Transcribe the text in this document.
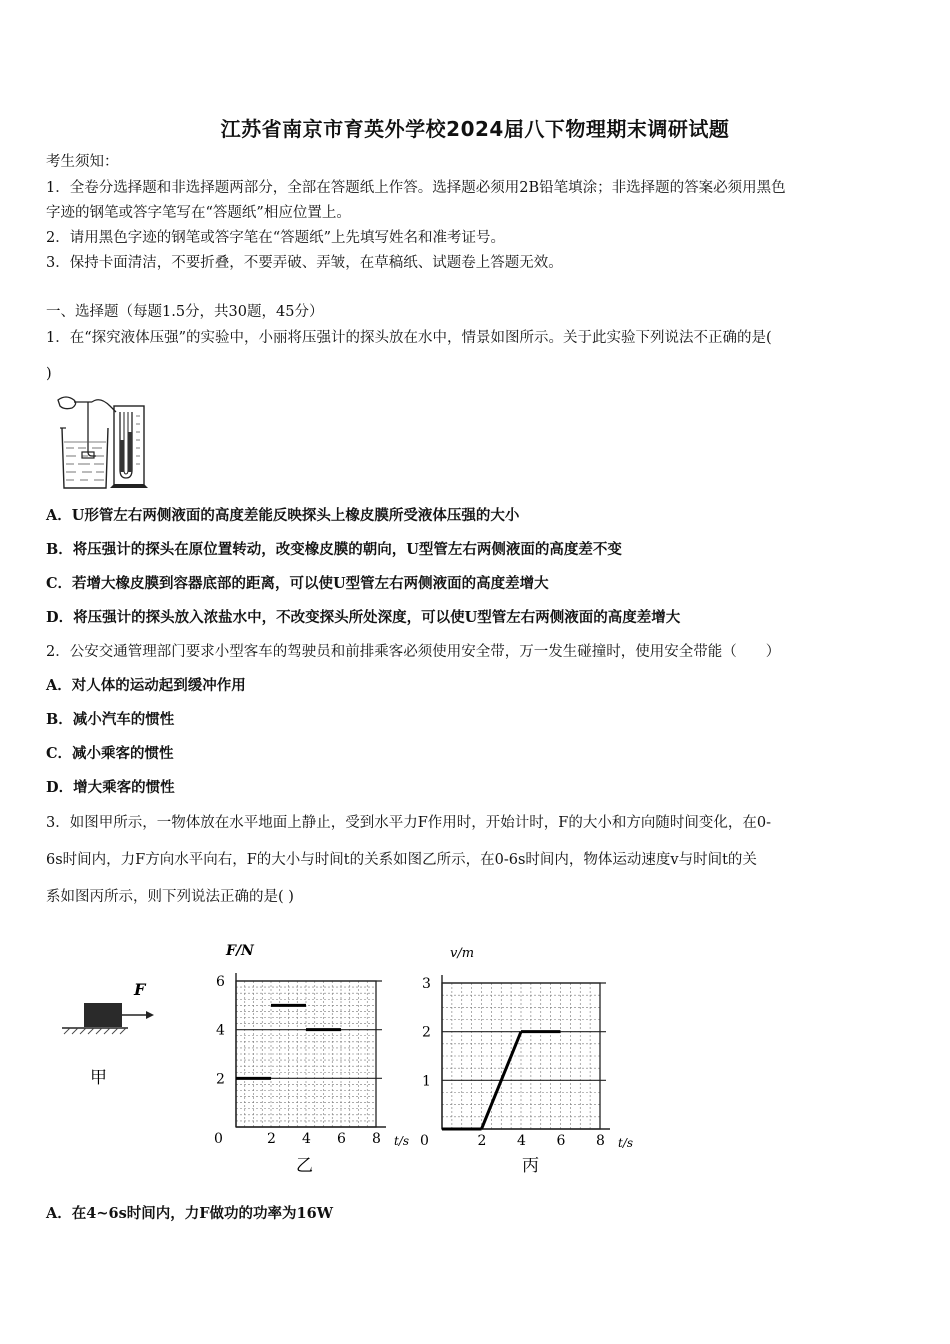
江苏省南京市育英外学校2024届八下物理期末调研试题
考生须知：
1．全卷分选择题和非选择题两部分，全部在答题纸上作答。选择题必须用2B铅笔填涂；非选择题的答案必须用黑色
字迹的钢笔或答字笔写在“答题纸”相应位置上。
2．请用黑色字迹的钢笔或答字笔在“答题纸”上先填写姓名和准考证号。
3．保持卡面清洁，不要折叠，不要弄破、弄皱，在草稿纸、试题卷上答题无效。
一、选择题（每题1.5分，共30题，45分）
1．在“探究液体压强”的实验中，小丽将压强计的探头放在水中，情景如图所示。关于此实验下列说法不正确的是(
)
A．U形管左右两侧液面的高度差能反映探头上橡皮膜所受液体压强的大小
B．将压强计的探头在原位置转动，改变橡皮膜的朝向，U型管左右两侧液面的高度差不变
C．若增大橡皮膜到容器底部的距离，可以使U型管左右两侧液面的高度差增大
D．将压强计的探头放入浓盐水中，不改变探头所处深度，可以使U型管左右两侧液面的高度差增大
2．公安交通管理部门要求小型客车的驾驶员和前排乘客必须使用安全带，万一发生碰撞时，使用安全带能（　　）
A．对人体的运动起到缓冲作用
B．减小汽车的惯性
C．减小乘客的惯性
D．增大乘客的惯性
3．如图甲所示，一物体放在水平地面上静止，受到水平力F作用时，开始计时，F的大小和方向随时间变化，在0-
6s时间内，力F方向水平向右，F的大小与时间t的关系如图乙所示，在0-6s时间内，物体运动速度v与时间t的关
系如图丙所示，则下列说法正确的是( )
F
甲
F/N
t/s
乙
0	2 4 6 8
2
4
6
v/m
t/s
丙
0	2 4 6 8
1
2
3
A．在4~6s时间内，力F做功的功率为16W
